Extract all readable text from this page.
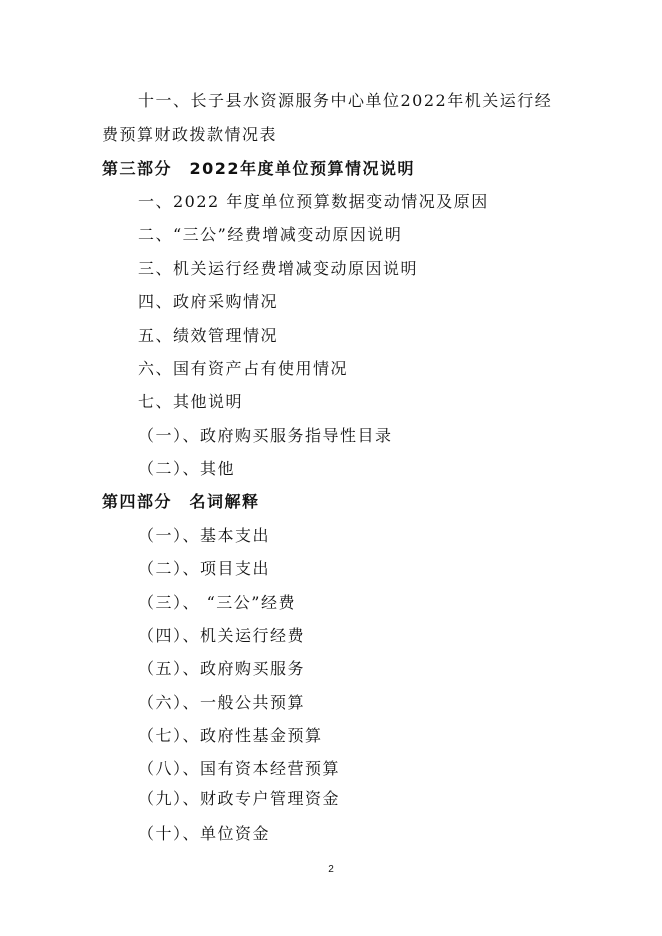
十一、长子县水资源服务中心单位2022年机关运行经
费预算财政拨款情况表
第三部分　2022年度单位预算情况说明
一、2022 年度单位预算数据变动情况及原因
二、“三公”经费增减变动原因说明
三、机关运行经费增减变动原因说明
四、政府采购情况
五、绩效管理情况
六、国有资产占有使用情况
七、其他说明
（一）、政府购买服务指导性目录
（二）、其他
第四部分　名词解释
（一）、基本支出
（二）、项目支出
（三）、 “三公”经费
（四）、机关运行经费
（五）、政府购买服务
（六）、一般公共预算
（七）、政府性基金预算
（八）、国有资本经营预算
（九）、财政专户管理资金
（十）、单位资金
2
